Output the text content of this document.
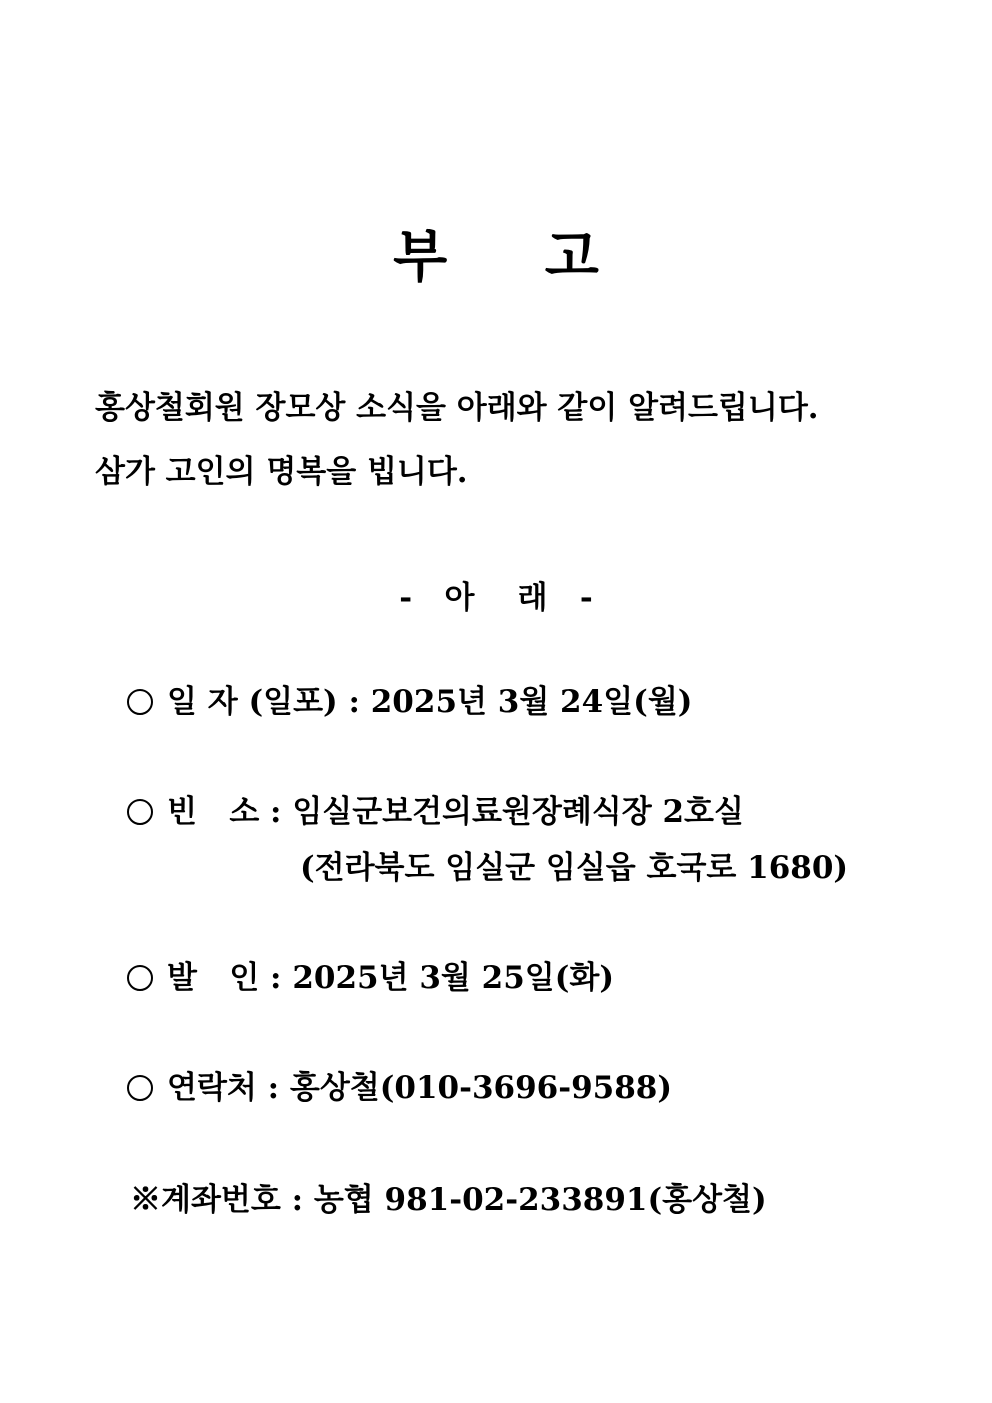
부     고
홍상철회원 장모상 소식을 아래와 같이 알려드립니다.
삼가 고인의 명복을 빕니다.
-   아    래   -
일 자 (일포) : 2025년 3월 24일(월)
빈   소 : 임실군보건의료원장례식장 2호실
(전라북도 임실군 임실읍 호국로 1680)
발   인 : 2025년 3월 25일(화)
연락처 : 홍상철(010-3696-9588)
※계좌번호 : 농협 981-02-233891(홍상철)
